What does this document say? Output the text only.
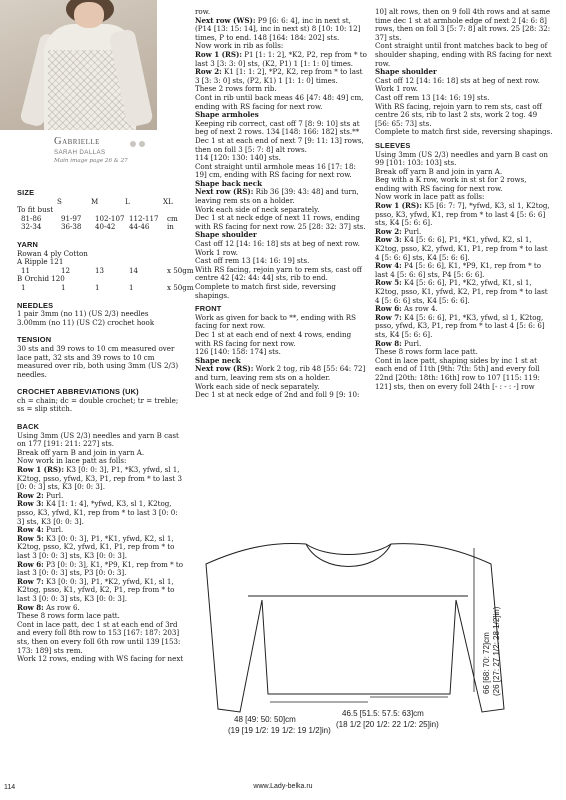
Gabrielle
SARAH DALLAS
Main image page 26 & 27

SIZE

S	M	L	XL

To fit bust

81-86	91-97	102-107 112-117	cm
32-34	36-38	40-42	44-46	in

YARN

Rowan 4 ply Cotton

A Ripple 121

11	12	13	14	x 50gm

B Orchid 120

1	1	1	1	x 50gm

NEEDLES

1 pair 3mm (no 11) (US 2/3) needles

3.00mm (no 11) (US C2) crochet hook

TENSION

30 sts and 39 rows to 10 cm measured over lace patt, 32 sts and 39 rows to 10 cm measured over rib, both using 3mm (US 2/3) needles.

CROCHET ABBREVIATIONS (UK)

ch = chain; dc = double crochet; tr = treble; ss = slip stitch.

BACK

Using 3mm (US 2/3) needles and yarn B cast on 177 [191: 211: 227] sts.

Break off yarn B and join in yarn A.

Now work in lace patt as folls:

Row 1 (RS): K3 [0: 0: 3], P1, *K3, yfwd, sl 1, K2tog, psso, yfwd, K3, P1, rep from * to last 3 [0: 0: 3] sts, K3 [0: 0: 3].

Row 2: Purl.

Row 3: K4 [1: 1: 4], *yfwd, K3, sl 1, K2tog, psso, K3, yfwd, K1, rep from * to last 3 [0: 0: 3] sts, K3 [0: 0: 3].

Row 4: Purl.

Row 5: K3 [0: 0: 3], P1, *K1, yfwd, K2, sl 1, K2tog, psso, K2, yfwd, K1, P1, rep from * to last 3 [0: 0: 3] sts, K3 [0: 0: 3].

Row 6: P3 [0: 0: 3], K1, *P9, K1, rep from * to last 3 [0: 0: 3] sts, P3 [0: 0: 3].

Row 7: K3 [0: 0: 3], P1, *K2, yfwd, K1, sl 1, K2tog, psso, K1, yfwd, K2, P1, rep from * to last 3 [0: 0: 3] sts, K3 [0: 0: 3].

Row 8: As row 6.

These 8 rows form lace patt.

Cont in lace patt, dec 1 st at each end of 3rd and every foll 8th row to 153 [167: 187: 203] sts, then on every foll 6th row until 139 [153: 173: 189] sts rem.

Work 12 rows, ending with WS facing for next

row.

Next row (WS): P9 [6: 6: 4], inc in next st, (P14 [13: 15: 14], inc in next st) 8 [10: 10: 12] times, P to end. 148 [164: 184: 202] sts.

Now work in rib as folls:

Row 1 (RS): P1 [1: 1: 2], *K2, P2, rep from * to last 3 [3: 3: 0] sts, (K2, P1) 1 [1: 1: 0] times.

Row 2: K1 [1: 1: 2], *P2, K2, rep from * to last 3 [3: 3: 0] sts, (P2, K1) 1 [1: 1: 0] times.

These 2 rows form rib.

Cont in rib until back meas 46 [47: 48: 49] cm, ending with RS facing for next row.

Shape armholes

Keeping rib correct, cast off 7 [8: 9: 10] sts at beg of next 2 rows. 134 [148: 166: 182] sts.**

Dec 1 st at each end of next 7 [9: 11: 13] rows, then on foll 3 [5: 7: 8] alt rows.

114 [120: 130: 140] sts.

Cont straight until armhole meas 16 [17: 18: 19] cm, ending with RS facing for next row.

Shape back neck

Next row (RS): Rib 36 [39: 43: 48] and turn, leaving rem sts on a holder.

Work each side of neck separately.

Dec 1 st at neck edge of next 11 rows, ending with RS facing for next row. 25 [28: 32: 37] sts.

Shape shoulder

Cast off 12 [14: 16: 18] sts at beg of next row.

Work 1 row.

Cast off rem 13 [14: 16: 19] sts.

With RS facing, rejoin yarn to rem sts, cast off centre 42 [42: 44: 44] sts, rib to end.

Complete to match first side, reversing shapings.

FRONT

Work as given for back to **, ending with RS facing for next row.

Dec 1 st at each end of next 4 rows, ending with RS facing for next row.

126 [140: 158: 174] sts.

Shape neck

Next row (RS): Work 2 tog, rib 48 [55: 64: 72] and turn, leaving rem sts on a holder.

Work each side of neck separately.

Dec 1 st at neck edge of 2nd and foll 9 [9: 10:

10] alt rows, then on 9 foll 4th rows and at same time dec 1 st at armhole edge of next 2 [4: 6: 8] rows, then on foll 3 [5: 7: 8] alt rows. 25 [28: 32: 37] sts.

Cont straight until front matches back to beg of shoulder shaping, ending with RS facing for next row.

Shape shoulder

Cast off 12 [14: 16: 18] sts at beg of next row.

Work 1 row.

Cast off rem 13 [14: 16: 19] sts.

With RS facing, rejoin yarn to rem sts, cast off centre 26 sts, rib to last 2 sts, work 2 tog. 49 [56: 65: 73] sts.

Complete to match first side, reversing shapings.

SLEEVES

Using 3mm (US 2/3) needles and yarn B cast on 99 [101: 103: 103] sts.

Break off yarn B and join in yarn A.

Beg with a K row, work in st st for 2 rows, ending with RS facing for next row.

Now work in lace patt as folls:

Row 1 (RS): K5 [6: 7: 7], *yfwd, K3, sl 1, K2tog, psso, K3, yfwd, K1, rep from * to last 4 [5: 6: 6] sts, K4 [5: 6: 6].

Row 2: Purl.

Row 3: K4 [5: 6: 6], P1, *K1, yfwd, K2, sl 1, K2tog, psso, K2, yfwd, K1, P1, rep from * to last 4 [5: 6: 6] sts, K4 [5: 6: 6].

Row 4: P4 [5: 6: 6], K1, *P9, K1, rep from * to last 4 [5: 6: 6] sts, P4 [5: 6: 6].

Row 5: K4 [5: 6: 6], P1, *K2, yfwd, K1, sl 1, K2tog, psso, K1, yfwd, K2, P1, rep from * to last 4 [5: 6: 6] sts, K4 [5: 6: 6].

Row 6: As row 4.

Row 7: K4 [5: 6: 6], P1, *K3, yfwd, sl 1, K2tog, psso, yfwd, K3, P1, rep from * to last 4 [5: 6: 6] sts, K4 [5: 6: 6].

Row 8: Purl.

These 8 rows form lace patt.

Cont in lace patt, shaping sides by inc 1 st at each end of 11th [9th: 7th: 5th] and every foll 22nd [20th: 18th: 16th] row to 107 [115: 119: 121] sts, then on every foll 24th [- : - : -] row

48 [49: 50: 50]cm
(19 [19 1/2: 19 1/2: 19 1/2]in)
46.5 [51.5: 57.5: 63]cm
(18 1/2 [20 1/2: 22 1/2: 25]in)
66 [68: 70: 72]cm (26 [27: 27 1/2: 28 1/2]in)
114	www.Lady-belka.ru
